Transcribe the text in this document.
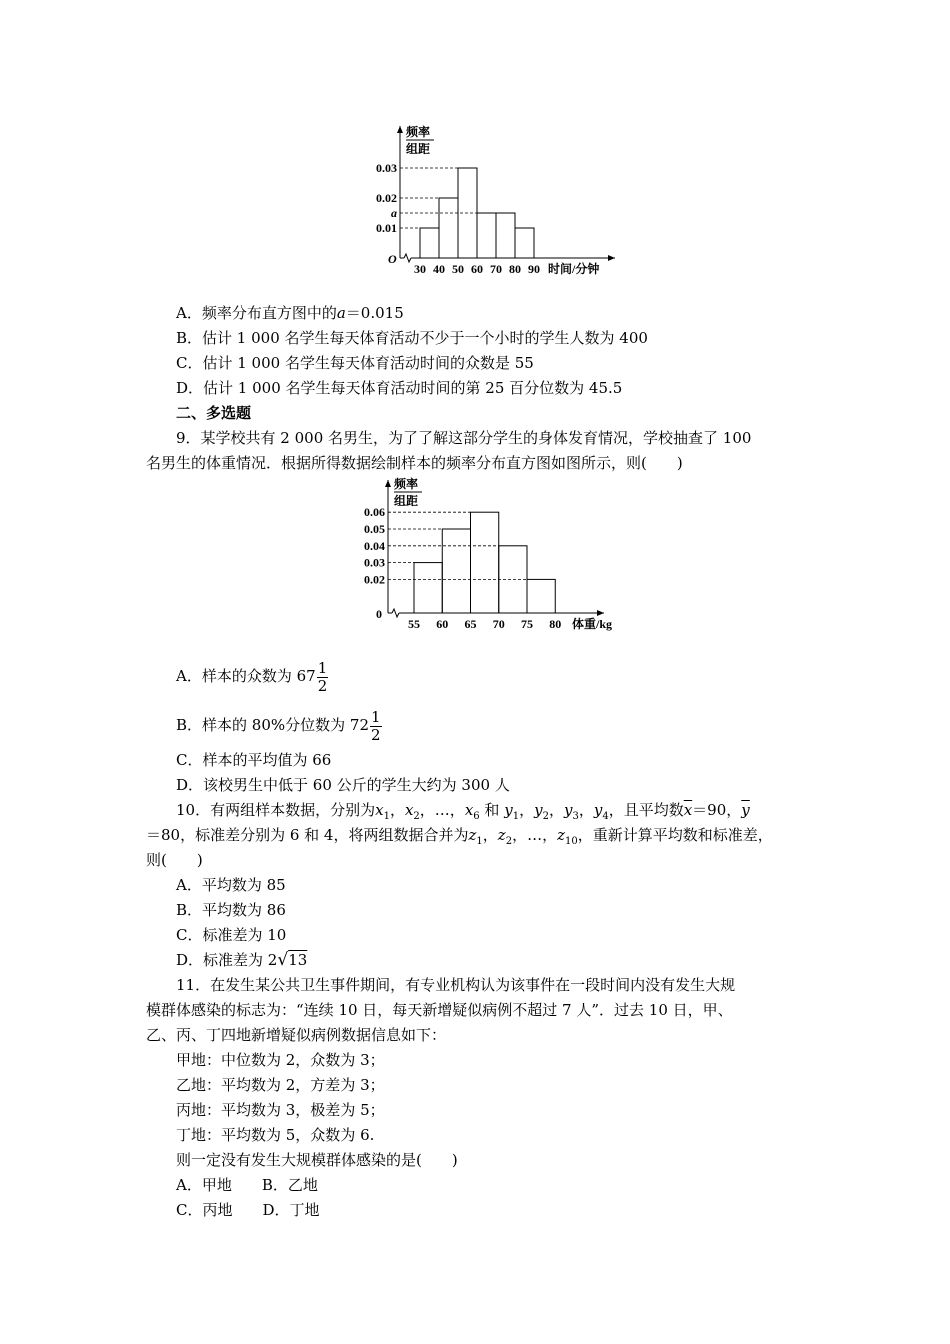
频率
组距
0.01
a
0.02
0.03
30 40 50 60 70 80 90 时间/分钟
O
A．频率分布直方图中的a＝0.015
B．估计 1 000 名学生每天体育活动不少于一个小时的学生人数为 400
C．估计 1 000 名学生每天体育活动时间的众数是 55
D．估计 1 000 名学生每天体育活动时间的第 25 百分位数为 45.5
二、多选题
9．某学校共有 2 000 名男生，为了了解这部分学生的身体发育情况，学校抽查了 100
名男生的体重情况．根据所得数据绘制样本的频率分布直方图如图所示，则(　　)
频率
组距
0.02
0.03
0.04
0.05
0.06
55 60 65 70 75 80 体重/kg
0
A．样本的众数为 $67 \frac{1}{2}$
B．样本的 80%分位数为 $72 \frac{1}{2}$
C．样本的平均值为 66
D．该校男生中低于 60 公斤的学生大约为 300 人
10．有两组样本数据，分别为$x_1$，$x_2$，…，$x_6$ 和 $y_1$，$y_2$，$y_3$，$y_4$，且平均数$\overline{x}=90$，$\overline{y}$
＝80，标准差分别为 6 和 4，将两组数据合并为$z_1$，$z_2$，…，$z_{10}$，重新计算平均数和标准差，
则(　　)
A．平均数为 85
B．平均数为 86
C．标准差为 10
D．标准差为 2√13
11．在发生某公共卫生事件期间，有专业机构认为该事件在一段时间内没有发生大规
模群体感染的标志为：“连续 10 日，每天新增疑似病例不超过 7 人”．过去 10 日，甲、
乙、丙、丁四地新增疑似病例数据信息如下：
甲地：中位数为 2，众数为 3；
乙地：平均数为 2，方差为 3；
丙地：平均数为 3，极差为 5；
丁地：平均数为 5，众数为 6.
则一定没有发生大规模群体感染的是(　　)
A．甲地　　B．乙地
C．丙地　　D．丁地
